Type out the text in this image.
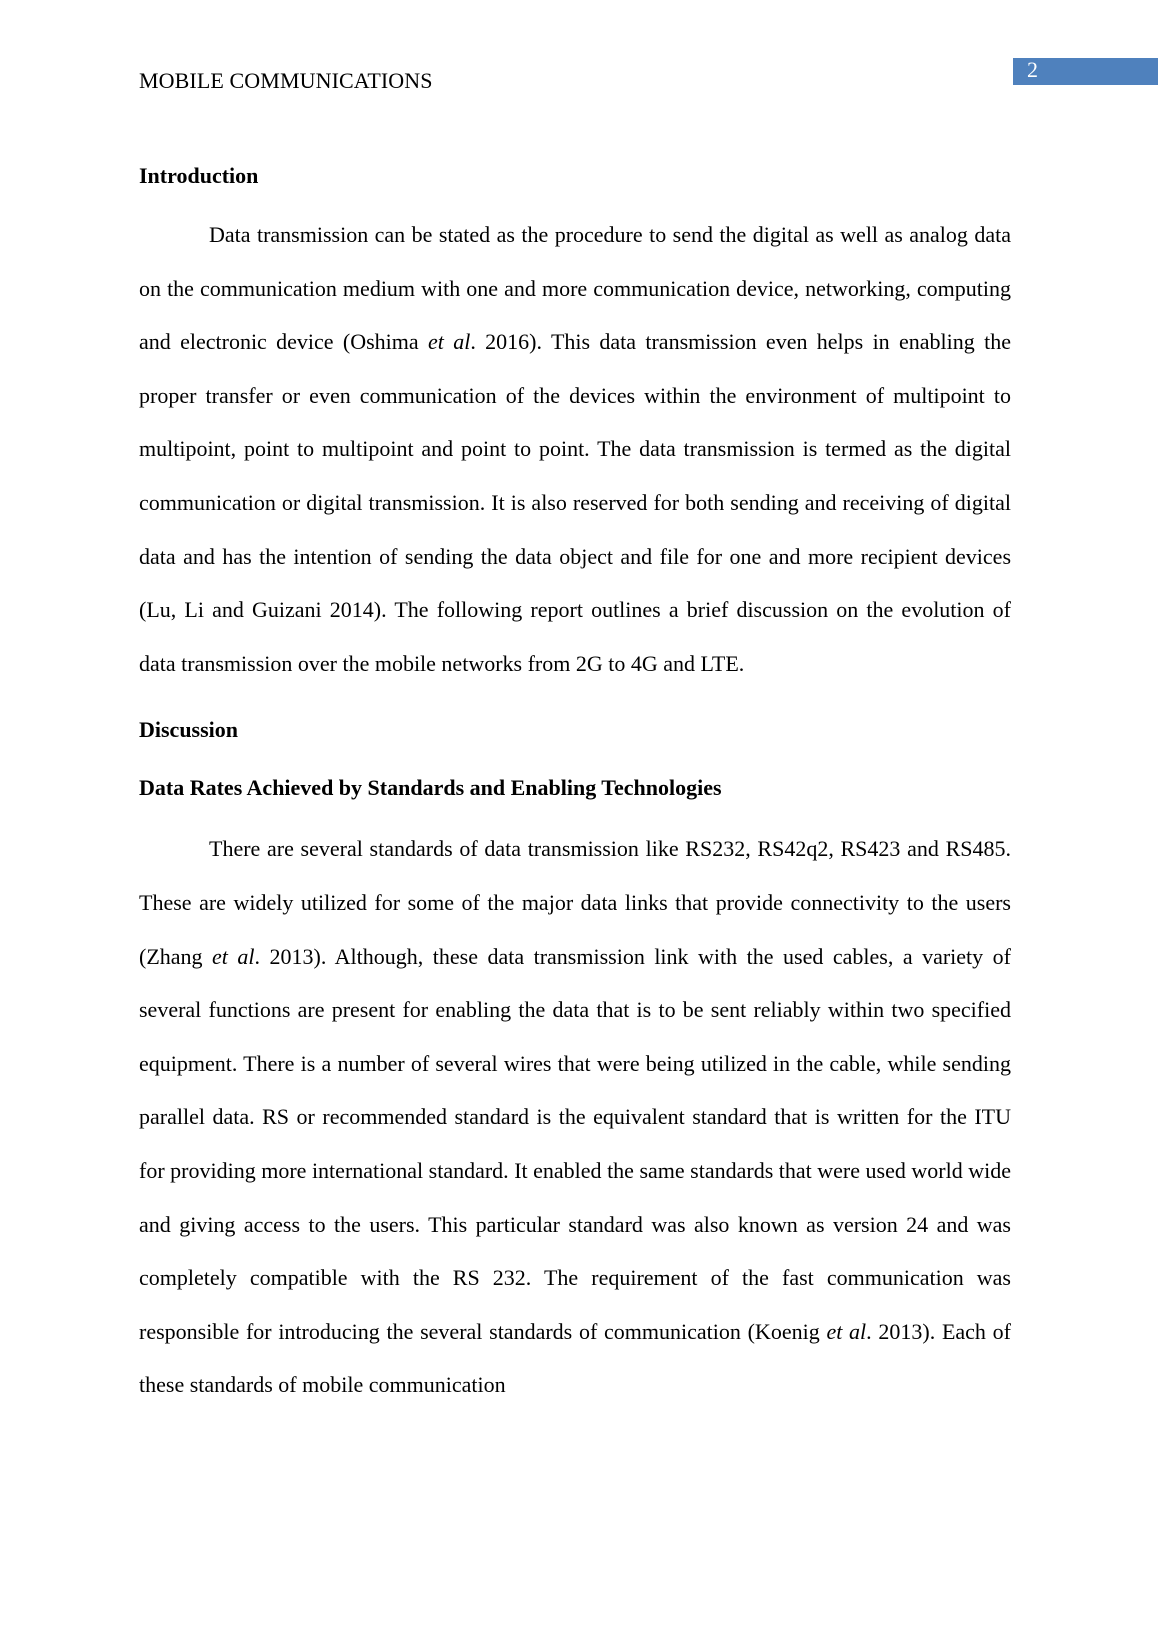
2
MOBILE COMMUNICATIONS
Introduction

Data transmission can be stated as the procedure to send the digital as well as analog data on the communication medium with one and more communication device, networking, computing and electronic device (Oshima et al. 2016). This data transmission even helps in enabling the proper transfer or even communication of the devices within the environment of multipoint to multipoint, point to multipoint and point to point. The data transmission is termed as the digital communication or digital transmission. It is also reserved for both sending and receiving of digital data and has the intention of sending the data object and file for one and more recipient devices (Lu, Li and Guizani 2014). The following report outlines a brief discussion on the evolution of data transmission over the mobile networks from 2G to 4G and LTE.

Discussion
Data Rates Achieved by Standards and Enabling Technologies

There are several standards of data transmission like RS232, RS42q2, RS423 and RS485. These are widely utilized for some of the major data links that provide connectivity to the users (Zhang et al. 2013). Although, these data transmission link with the used cables, a variety of several functions are present for enabling the data that is to be sent reliably within two specified equipment. There is a number of several wires that were being utilized in the cable, while sending parallel data. RS or recommended standard is the equivalent standard that is written for the ITU for providing more international standard. It enabled the same standards that were used world wide and giving access to the users. This particular standard was also known as version 24 and was completely compatible with the RS 232. The requirement of the fast communication was responsible for introducing the several standards of communication (Koenig et al. 2013). Each of these standards of mobile communication
